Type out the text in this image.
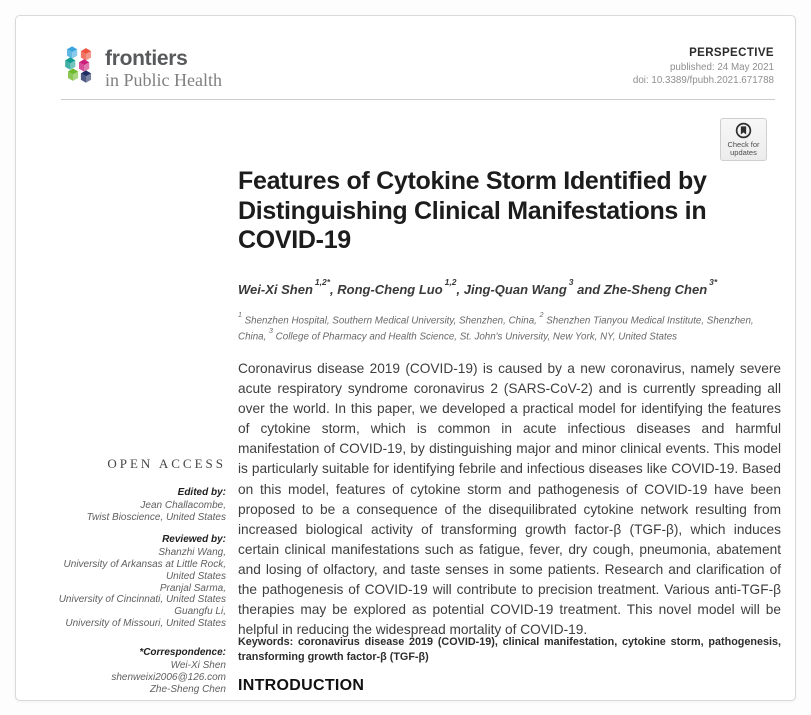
frontiers
in Public Health
PERSPECTIVE
published: 24 May 2021
doi: 10.3389/fpubh.2021.671788
Check for
updates
Features of Cytokine Storm Identified by Distinguishing Clinical Manifestations in COVID-19
Wei-Xi Shen$^{1,2*}$, Rong-Cheng Luo$^{1,2}$, Jing-Quan Wang$^3$ and Zhe-Sheng Chen$^{3*}$
$^1$ Shenzhen Hospital, Southern Medical University, Shenzhen, China, $^2$ Shenzhen Tianyou Medical Institute, Shenzhen, China, $^3$ College of Pharmacy and Health Science, St. John's University, New York, NY, United States

Coronavirus disease 2019 (COVID-19) is caused by a new coronavirus, namely severe acute respiratory syndrome coronavirus 2 (SARS-CoV-2) and is currently spreading all over the world. In this paper, we developed a practical model for identifying the features of cytokine storm, which is common in acute infectious diseases and harmful manifestation of COVID-19, by distinguishing major and minor clinical events. This model is particularly suitable for identifying febrile and infectious diseases like COVID-19. Based on this model, features of cytokine storm and pathogenesis of COVID-19 have been proposed to be a consequence of the disequilibrated cytokine network resulting from increased biological activity of transforming growth factor-β (TGF-β), which induces certain clinical manifestations such as fatigue, fever, dry cough, pneumonia, abatement and losing of olfactory, and taste senses in some patients. Research and clarification of the pathogenesis of COVID-19 will contribute to precision treatment. Various anti-TGF-β therapies may be explored as potential COVID-19 treatment. This novel model will be helpful in reducing the widespread mortality of COVID-19.

Keywords: coronavirus disease 2019 (COVID-19), clinical manifestation, cytokine storm, pathogenesis, transforming growth factor-β (TGF-β)

INTRODUCTION
OPEN ACCESS
Edited by:
Jean Challacombe,
Twist Bioscience, United States
Reviewed by:
Shanzhi Wang,
University of Arkansas at Little Rock,
United States
Pranjal Sarma,
University of Cincinnati, United States
Guangfu Li,
University of Missouri, United States
*Correspondence:
Wei-Xi Shen
shenweixi2006@126.com
Zhe-Sheng Chen
